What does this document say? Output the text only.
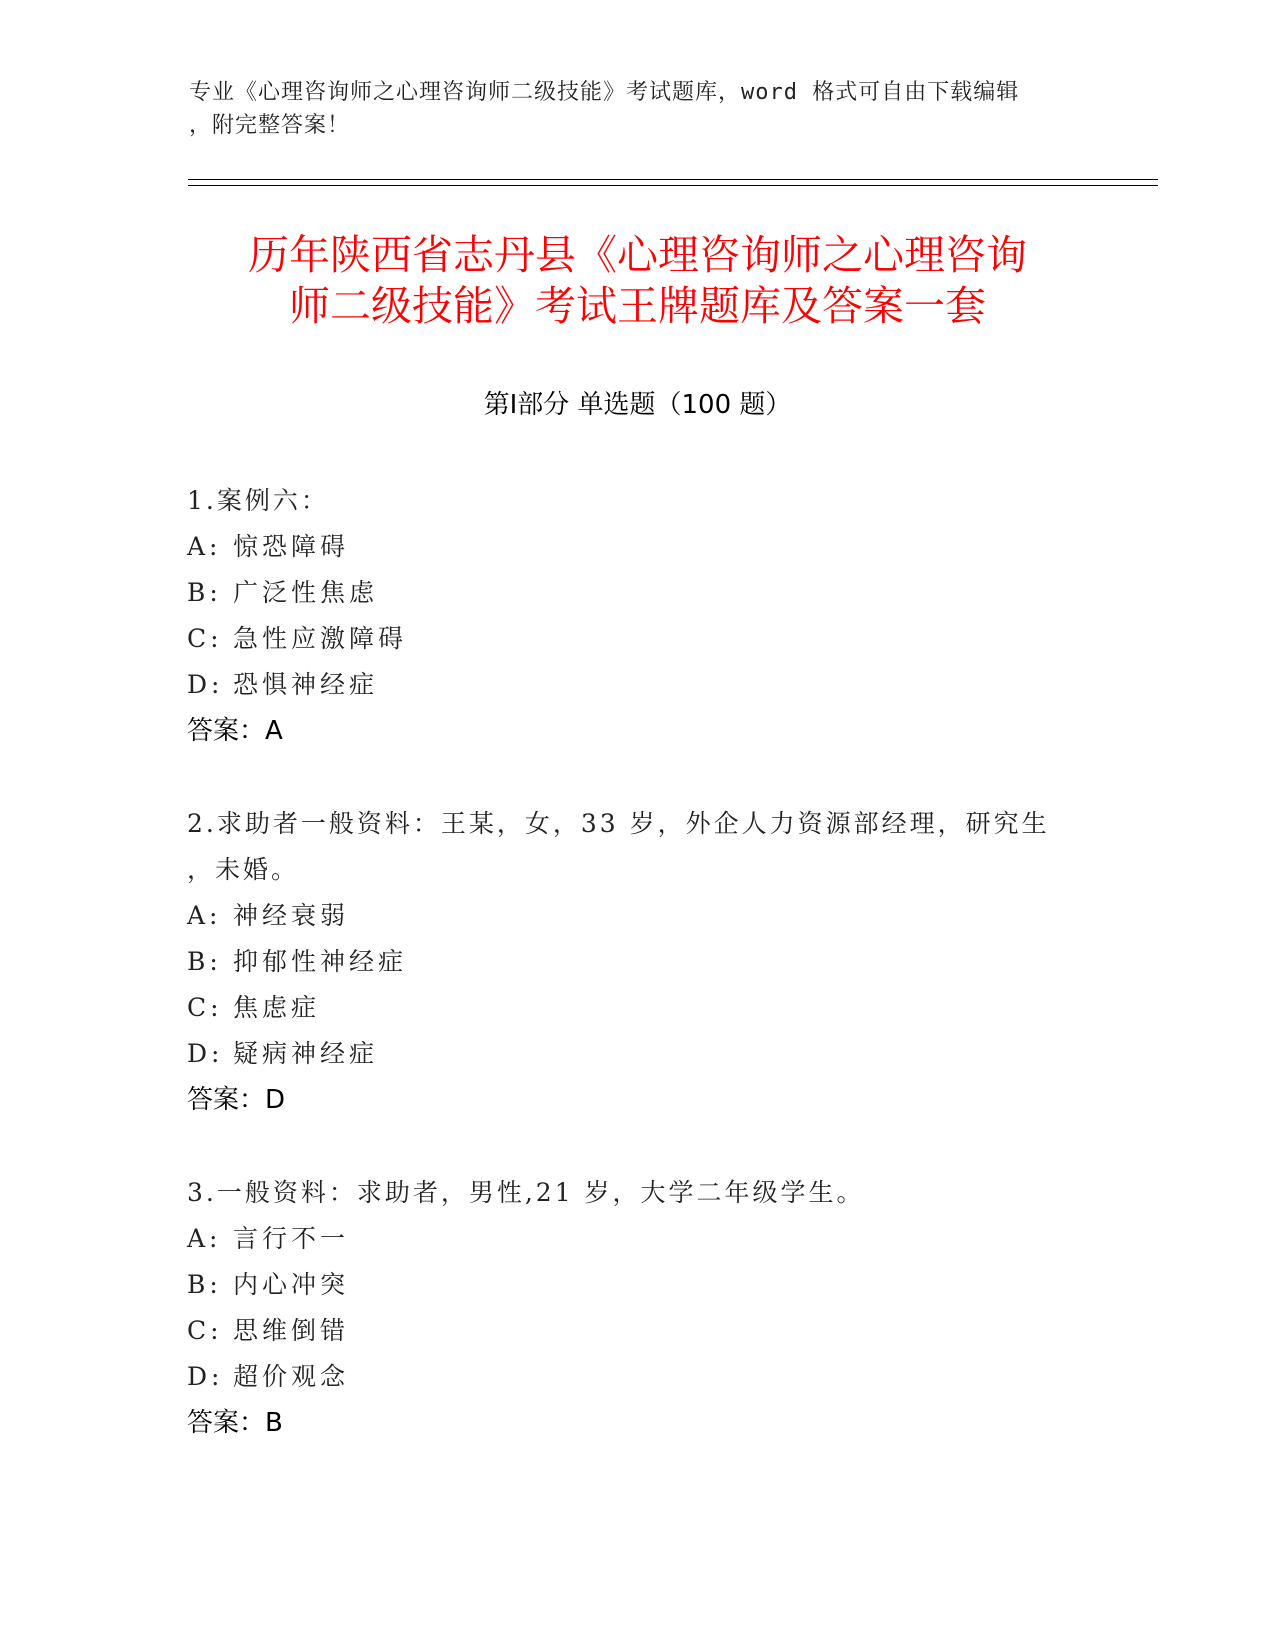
专业《心理咨询师之心理咨询师二级技能》考试题库，word 格式可自由下载编辑
，附完整答案！
历年陕西省志丹县《心理咨询师之心理咨询
师二级技能》考试王牌题库及答案一套
第Ⅰ部分 单选题（100 题）
1.案例六：
A: 惊恐障碍
B: 广泛性焦虑
C: 急性应激障碍
D: 恐惧神经症
答案：A
2.求助者一般资料：王某，女，33 岁，外企人力资源部经理，研究生
，未婚。
A: 神经衰弱
B: 抑郁性神经症
C: 焦虑症
D: 疑病神经症
答案：D
3.一般资料：求助者，男性,21 岁，大学二年级学生。
A: 言行不一
B: 内心冲突
C: 思维倒错
D: 超价观念
答案：B
